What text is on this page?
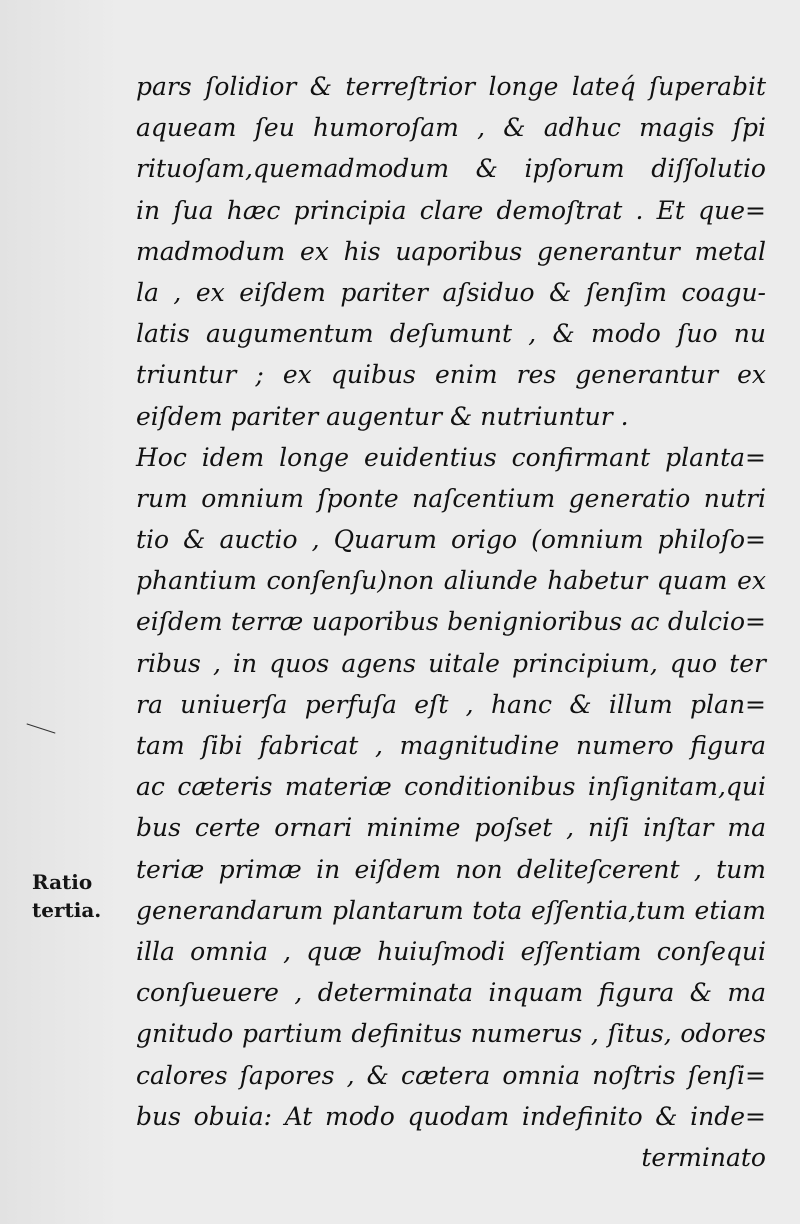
pars ſolidior & terreſtrior longe lateq́ ſuperabit
aqueam ſeu humoroſam , & adhuc magis ſpi
rituoſam,quemadmodum & ipſorum diſſolutio
in ſua hæc principia clare demoſtrat . Et que=
madmodum ex his uaporibus generantur metal
la , ex eiſdem pariter aſsiduo & ſenſim coagu-
latis augumentum deſumunt , & modo ſuo nu
triuntur ; ex quibus enim res generantur ex
eiſdem pariter augentur & nutriuntur .
Hoc idem longe euidentius confirmant planta=
rum omnium ſponte naſcentium generatio nutri
tio & auctio , Quarum origo (omnium philoſo=
phantium conſenſu)non aliunde habetur quam ex
eiſdem terræ uaporibus benignioribus ac dulcio=
ribus , in quos agens uitale principium, quo ter
ra uniuerſa perfuſa eſt , hanc & illum plan=
tam ſibi fabricat , magnitudine numero figura
ac cæteris materiæ conditionibus inſignitam,qui
bus certe ornari minime poſset , niſi inſtar ma
teriæ primæ in eiſdem non deliteſcerent , tum
generandarum plantarum tota eſſentia,tum etiam
illa omnia , quæ huiuſmodi eſſentiam conſequi
conſueuere , determinata inquam figura & ma
gnitudo partium definitus numerus , ſitus, odores
calores ſapores , & cætera omnia noſtris ſenſi=
bus obuia: At modo quodam indefinito & inde=
terminato
Ratio
tertia.
